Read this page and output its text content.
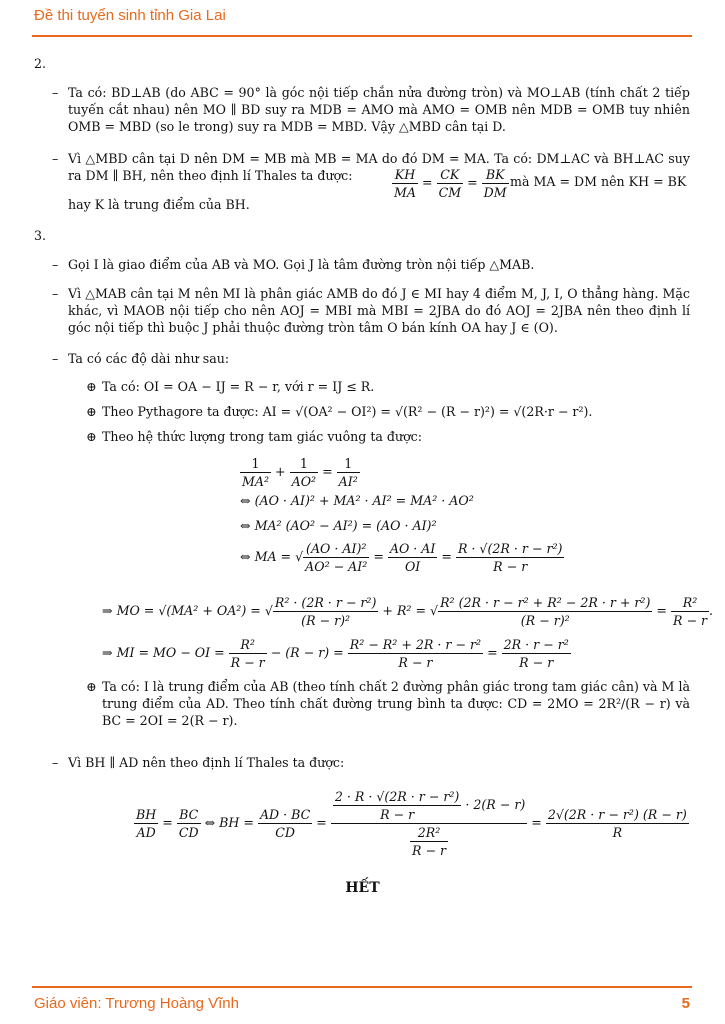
Đề thi tuyển sinh tỉnh Gia Lai
2.
– Ta có: BD⊥AB (do ABC = 90° là góc nội tiếp chắn nửa đường tròn) và MO⊥AB (tính chất 2 tiếp tuyến cắt nhau) nên MO ∥ BD suy ra MDB = AMO mà AMO = OMB nên MDB = OMB tuy nhiên OMB = MBD (so le trong) suy ra MDB = MBD. Vậy △MBD cân tại D.
– Vì △MBD cân tại D nên DM = MB mà MB = MA do đó DM = MA. Ta có: DM⊥AC và BH⊥AC suy ra DM ∥ BH, nên theo định lí Thales ta được:	$\frac{KH}{MA} = \frac{CK}{CM} = \frac{BK}{DM}$ mà MA = DM nên KH = BK
hay K là trung điểm của BH.
3.
– Gọi I là giao điểm của AB và MO. Gọi J là tâm đường tròn nội tiếp △MAB.
– Vì △MAB cân tại M nên MI là phân giác AMB do đó J ∈ MI hay 4 điểm M, J, I, O thẳng hàng. Mặc khác, vì MAOB nội tiếp cho nên AOJ = MBI mà MBI = 2JBA do đó AOJ = 2JBA nên theo định lí góc nội tiếp thì buộc J phải thuộc đường tròn tâm O bán kính OA hay J ∈ (O).
– Ta có các độ dài như sau:
⊕ Ta có: OI = OA − IJ = R − r, với r = IJ ≤ R.
⊕ Theo Pythagore ta được: AI = √(OA² − OI²) = √(R² − (R − r)²) = √(2R·r − r²).
⊕ Theo hệ thức lượng trong tam giác vuông ta được:
$\frac{1}{\text{MA²}} + \frac{1}{\text{AO²}} = \frac{1}{\text{AI²}}$
⇔ (AO · AI)² + MA² · AI² = MA² · AO²
⇔ MA² (AO² − AI²) = (AO · AI)²
⇔ MA = √ $\frac{\text{(AO · AI)²}}{\text{AO² − AI²}} = \frac{AO \cdot AI}{OI} = \frac{\text{R · √(2R · r − r²)}}{R - r}$
⇒ MO = √(MA² + OA²) = √ $\frac{\text{R² · (2R · r − r²)}}{\text{(R − r)²}} + R^2$ = √ $\frac{\text{R² (2R · r − r² + R² − 2R · r + r²)}}{\text{(R − r)²}} = \frac{\text{R²}}{R - r}$ .
⇒ MI = MO − OI = $\frac{\text{R²}}{R - r} - (R - r) = \frac{\text{R² − R² + 2R · r − r²}}{R - r} = \frac{\text{2R · r − r²}}{R - r}$
⊕ Ta có: I là trung điểm của AB (theo tính chất 2 đường phân giác trong tam giác cân) và M là trung điểm của AD. Theo tính chất đường trung bình ta được: CD = 2MO = 2R²/(R − r) và BC = 2OI = 2(R − r).
– Vì BH ∥ AD nên theo định lí Thales ta được:
$\frac{BH}{AD} = \frac{BC}{CD}$ ⇔ BH = $\frac{AD \cdot BC}{CD} = \frac{\frac{\text{2 · R · √(2R · r − r²)}}{R - r} \cdot 2(R - r)}{\frac{\text{2R²}}{R - r}} = \frac{\text{2√(2R · r − r²) (R − r)}}{R}$
HẾT
Giáo viên: Trương Hoàng Vĩnh	5
